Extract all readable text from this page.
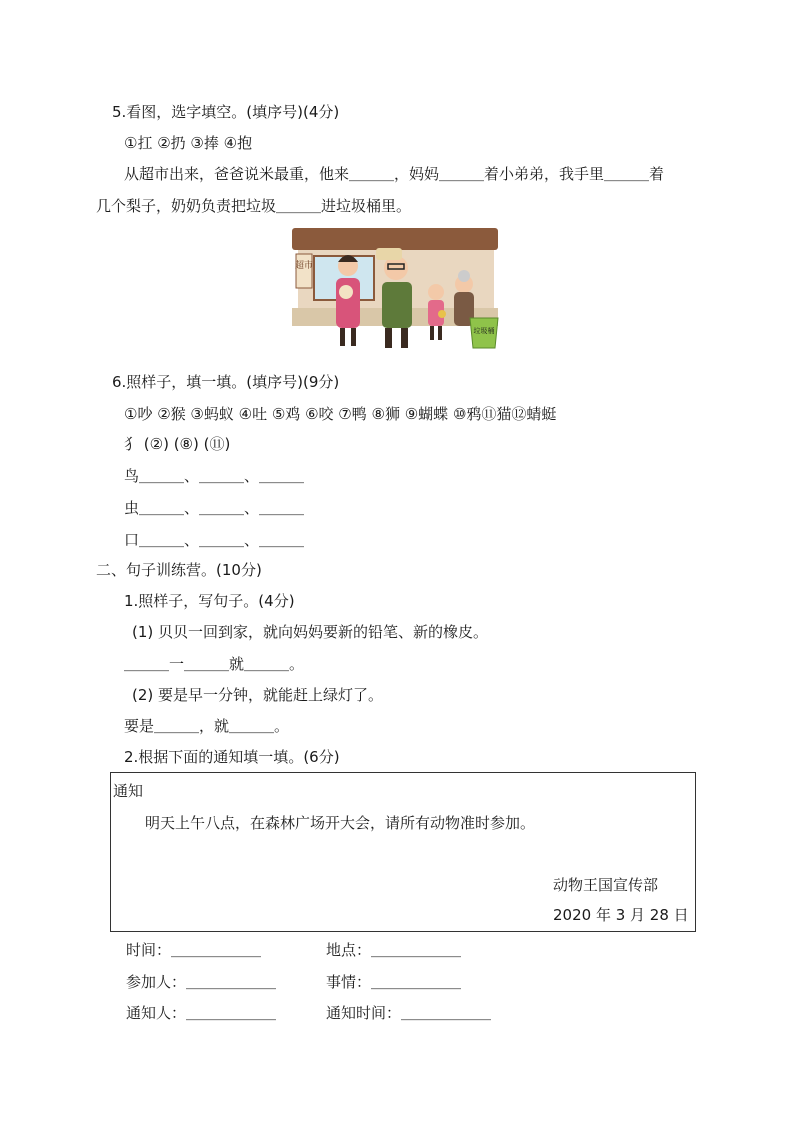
5.看图，选字填空。(填序号)(4分)
①扛 ②扔 ③捧 ④抱
从超市出来，爸爸说米最重，他来＿＿＿，妈妈＿＿＿着小弟弟，我手里＿＿＿着
几个梨子，奶奶负责把垃圾＿＿＿进垃圾桶里。
超市
垃圾桶
6.照样子，填一填。(填序号)(9分)
①吵 ②猴 ③蚂蚁 ④吐 ⑤鸡 ⑥咬 ⑦鸭 ⑧狮 ⑨蝴蝶 ⑩鸦⑪猫⑫蜻蜓
犭 (②) (⑧) (⑪)
鸟＿＿＿、＿＿＿、＿＿＿
虫＿＿＿、＿＿＿、＿＿＿
口＿＿＿、＿＿＿、＿＿＿
二、句子训练营。(10分)
1.照样子，写句子。(4分)
(1) 贝贝一回到家，就向妈妈要新的铅笔、新的橡皮。
＿＿＿一＿＿＿就＿＿＿。
(2) 要是早一分钟，就能赶上绿灯了。
要是＿＿＿，就＿＿＿。
2.根据下面的通知填一填。(6分)
通知
明天上午八点，在森林广场开大会，请所有动物准时参加。
动物王国宣传部
2020 年 3 月 28 日
时间：＿＿＿＿＿＿	地点：＿＿＿＿＿＿
参加人：＿＿＿＿＿＿	事情：＿＿＿＿＿＿
通知人：＿＿＿＿＿＿	通知时间：＿＿＿＿＿＿
